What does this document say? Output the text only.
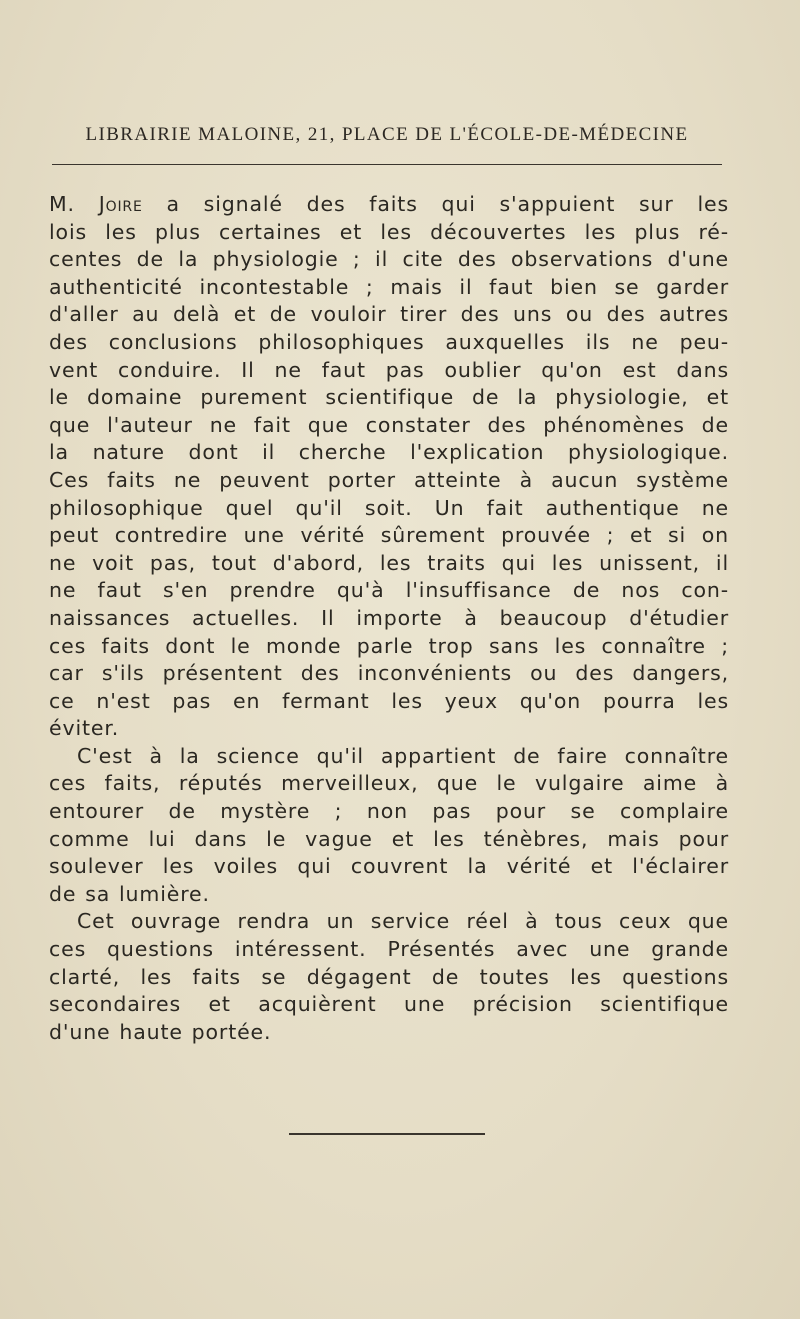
LIBRAIRIE MALOINE, 21, PLACE DE L'ÉCOLE-DE-MÉDECINE
M. Joire a signalé des faits qui s'appuient sur les
lois les plus certaines et les découvertes les plus ré-
centes de la physiologie ; il cite des observations d'une
authenticité incontestable ; mais il faut bien se garder
d'aller au delà et de vouloir tirer des uns ou des autres
des conclusions philosophiques auxquelles ils ne peu-
vent conduire. Il ne faut pas oublier qu'on est dans
le domaine purement scientifique de la physiologie, et
que l'auteur ne fait que constater des phénomènes de
la nature dont il cherche l'explication physiologique.
Ces faits ne peuvent porter atteinte à aucun système
philosophique quel qu'il soit. Un fait authentique ne
peut contredire une vérité sûrement prouvée ; et si on
ne voit pas, tout d'abord, les traits qui les unissent, il
ne faut s'en prendre qu'à l'insuffisance de nos con-
naissances actuelles. Il importe à beaucoup d'étudier
ces faits dont le monde parle trop sans les connaître ;
car s'ils présentent des inconvénients ou des dangers,
ce n'est pas en fermant les yeux qu'on pourra les
éviter.
C'est à la science qu'il appartient de faire connaître
ces faits, réputés merveilleux, que le vulgaire aime à
entourer de mystère ; non pas pour se complaire
comme lui dans le vague et les ténèbres, mais pour
soulever les voiles qui couvrent la vérité et l'éclairer
de sa lumière.
Cet ouvrage rendra un service réel à tous ceux que
ces questions intéressent. Présentés avec une grande
clarté, les faits se dégagent de toutes les questions
secondaires et acquièrent une précision scientifique
d'une haute portée.
